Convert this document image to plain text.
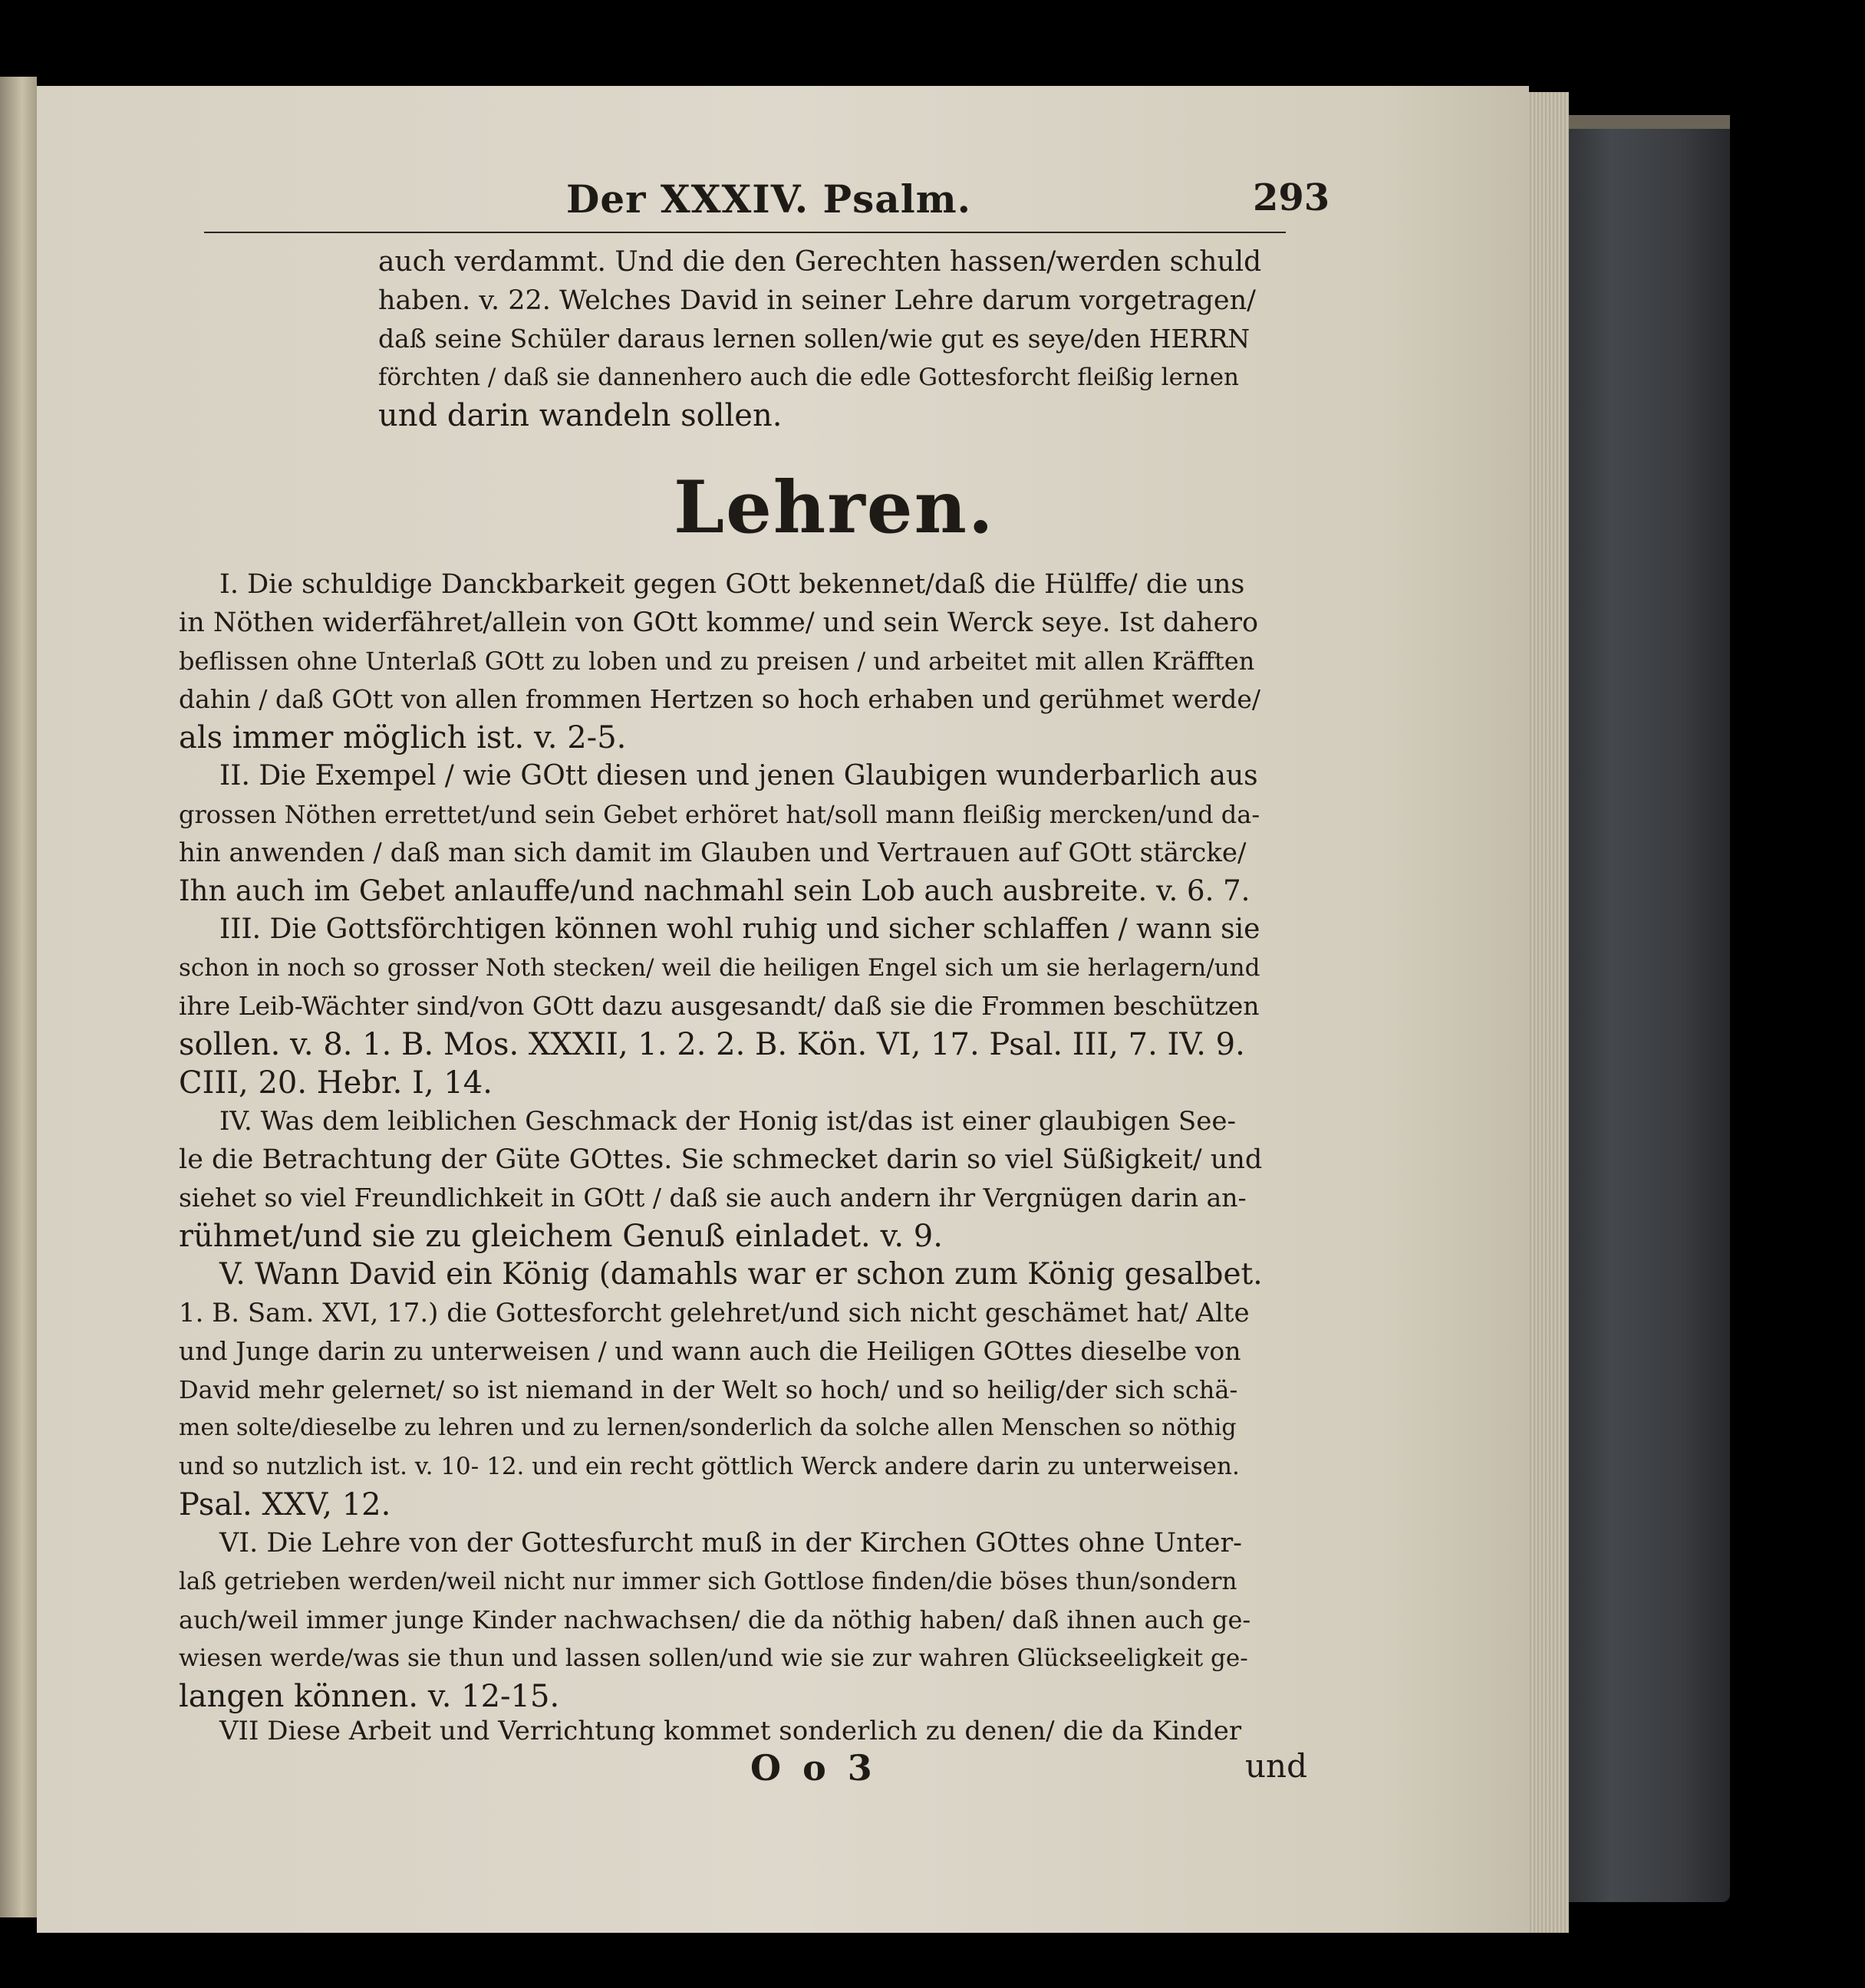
Der XXXIV. Psalm.	293
auch verdammt. Und die den Gerechten hassen/werden schuld
haben. v. 22. Welches David in seiner Lehre darum vorgetragen/
daß seine Schüler daraus lernen sollen/wie gut es seye/den HERRN
förchten / daß sie dannenhero auch die edle Gottesforcht fleißig lernen
und darin wandeln sollen.
Lehren.
I. Die schuldige Danckbarkeit gegen GOtt bekennet/daß die Hülffe/ die uns
in Nöthen widerfähret/allein von GOtt komme/ und sein Werck seye. Ist dahero
beflissen ohne Unterlaß GOtt zu loben und zu preisen / und arbeitet mit allen Kräfften
dahin / daß GOtt von allen frommen Hertzen so hoch erhaben und gerühmet werde/
als immer möglich ist. v. 2-5.
II. Die Exempel / wie GOtt diesen und jenen Glaubigen wunderbarlich aus
grossen Nöthen errettet/und sein Gebet erhöret hat/soll mann fleißig mercken/und da-
hin anwenden / daß man sich damit im Glauben und Vertrauen auf GOtt stärcke/
Ihn auch im Gebet anlauffe/und nachmahl sein Lob auch ausbreite. v. 6. 7.
III. Die Gottsförchtigen können wohl ruhig und sicher schlaffen / wann sie
schon in noch so grosser Noth stecken/ weil die heiligen Engel sich um sie herlagern/und
ihre Leib-Wächter sind/von GOtt dazu ausgesandt/ daß sie die Frommen beschützen
sollen. v. 8. 1. B. Mos. XXXII, 1. 2. 2. B. Kön. VI, 17. Psal. III, 7. IV. 9.
CIII, 20. Hebr. I, 14.
IV. Was dem leiblichen Geschmack der Honig ist/das ist einer glaubigen See-
le die Betrachtung der Güte GOttes. Sie schmecket darin so viel Süßigkeit/ und
siehet so viel Freundlichkeit in GOtt / daß sie auch andern ihr Vergnügen darin an-
rühmet/und sie zu gleichem Genuß einladet. v. 9.
V. Wann David ein König (damahls war er schon zum König gesalbet.
1. B. Sam. XVI, 17.) die Gottesforcht gelehret/und sich nicht geschämet hat/ Alte
und Junge darin zu unterweisen / und wann auch die Heiligen GOttes dieselbe von
David mehr gelernet/ so ist niemand in der Welt so hoch/ und so heilig/der sich schä-
men solte/dieselbe zu lehren und zu lernen/sonderlich da solche allen Menschen so nöthig
und so nutzlich ist. v. 10- 12. und ein recht göttlich Werck andere darin zu unterweisen.
Psal. XXV, 12.
VI. Die Lehre von der Gottesfurcht muß in der Kirchen GOttes ohne Unter-
laß getrieben werden/weil nicht nur immer sich Gottlose finden/die böses thun/sondern
auch/weil immer junge Kinder nachwachsen/ die da nöthig haben/ daß ihnen auch ge-
wiesen werde/was sie thun und lassen sollen/und wie sie zur wahren Glückseeligkeit ge-
langen können. v. 12-15.
VII Diese Arbeit und Verrichtung kommet sonderlich zu denen/ die da Kinder
O o 3	und
